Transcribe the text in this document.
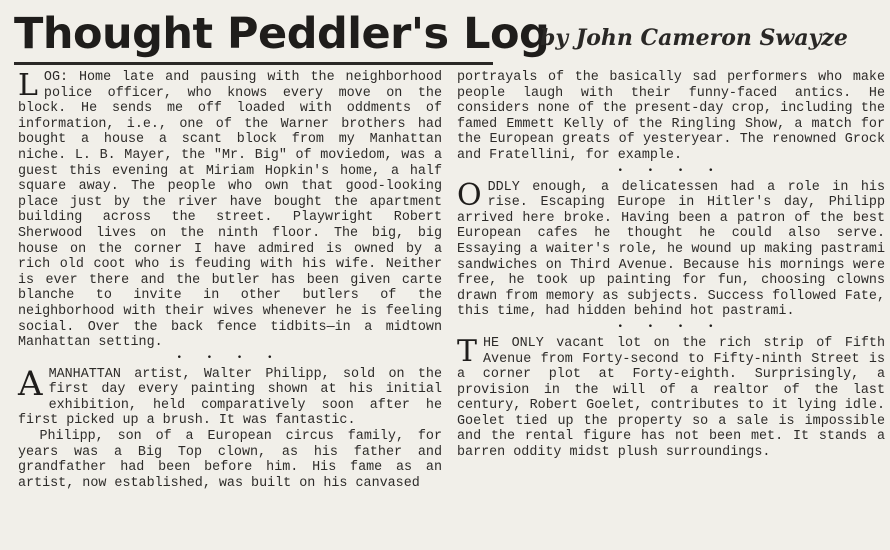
Thought Peddler's Log
by John Cameron Swayze

LOG: Home late and pausing with the neighborhood police officer, who knows every move on the block. He sends me off loaded with oddments of information, i.e., one of the Warner brothers had bought a house a scant block from my Manhattan niche. L. B. Mayer, the "Mr. Big" of moviedom, was a guest this evening at Miriam Hopkin's home, a half square away. The people who own that good-looking place just by the river have bought the apartment building across the street. Playwright Robert Sherwood lives on the ninth floor. The big, big house on the corner I have admired is owned by a rich old coot who is feuding with his wife. Neither is ever there and the butler has been given carte blanche to invite in other butlers of the neighborhood with their wives whenever he is feeling social. Over the back fence tidbits—in a midtown Manhattan setting.

• • • •

A MANHATTAN artist, Walter Philipp, sold on the first day every painting shown at his initial exhibition, held comparatively soon after he first picked up a brush. It was fantastic.

Philipp, son of a European circus family, for years was a Big Top clown, as his father and grandfather had been before him. His fame as an artist, now established, was built on his canvased

portrayals of the basically sad performers who make people laugh with their funny-faced antics. He considers none of the present-day crop, including the famed Emmett Kelly of the Ringling Show, a match for the European greats of yesteryear. The renowned Grock and Fratellini, for example.

• • • •

ODDLY enough, a delicatessen had a role in his rise. Escaping Europe in Hitler's day, Philipp arrived here broke. Having been a patron of the best European cafes he thought he could also serve. Essaying a waiter's role, he wound up making pastrami sandwiches on Third Avenue. Because his mornings were free, he took up painting for fun, choosing clowns drawn from memory as subjects. Success followed Fate, this time, had hidden behind hot pastrami.

• • • •

THE ONLY vacant lot on the rich strip of Fifth Avenue from Forty-second to Fifty-ninth Street is a corner plot at Forty-eighth. Surprisingly, a provision in the will of a realtor of the last century, Robert Goelet, contributes to it lying idle. Goelet tied up the property so a sale is impossible and the rental figure has not been met. It stands a barren oddity midst plush surroundings.
